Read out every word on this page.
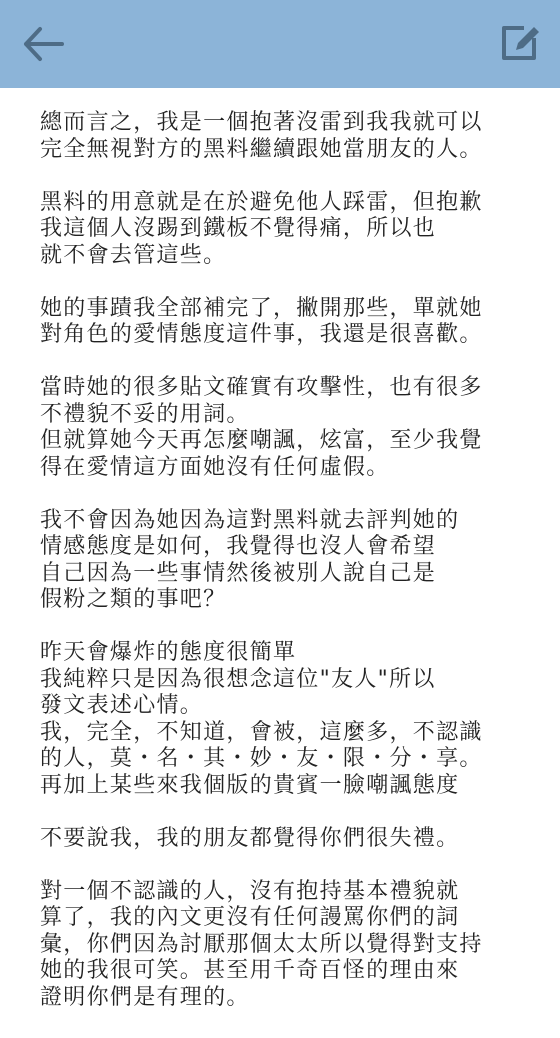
總而言之，我是一個抱著沒雷到我我就可以
完全無視對方的黑料繼續跟她當朋友的人。
黑料的用意就是在於避免他人踩雷，但抱歉
我這個人沒踢到鐵板不覺得痛，所以也
就不會去管這些。
她的事蹟我全部補完了，撇開那些，單就她
對角色的愛情態度這件事，我還是很喜歡。
當時她的很多貼文確實有攻擊性，也有很多
不禮貌不妥的用詞。
但就算她今天再怎麼嘲諷，炫富，至少我覺
得在愛情這方面她沒有任何虛假。
我不會因為她因為這對黑料就去評判她的
情感態度是如何，我覺得也沒人會希望
自己因為一些事情然後被別人說自己是
假粉之類的事吧？
昨天會爆炸的態度很簡單
我純粹只是因為很想念這位"友人"所以
發文表述心情。
我，完全，不知道，會被，這麼多，不認識
的人，莫・名・其・妙・友・限・分・享。
再加上某些來我個版的貴賓一臉嘲諷態度
不要說我，我的朋友都覺得你們很失禮。
對一個不認識的人，沒有抱持基本禮貌就
算了，我的內文更沒有任何謾罵你們的詞
彙，你們因為討厭那個太太所以覺得對支持
她的我很可笑。甚至用千奇百怪的理由來
證明你們是有理的。
